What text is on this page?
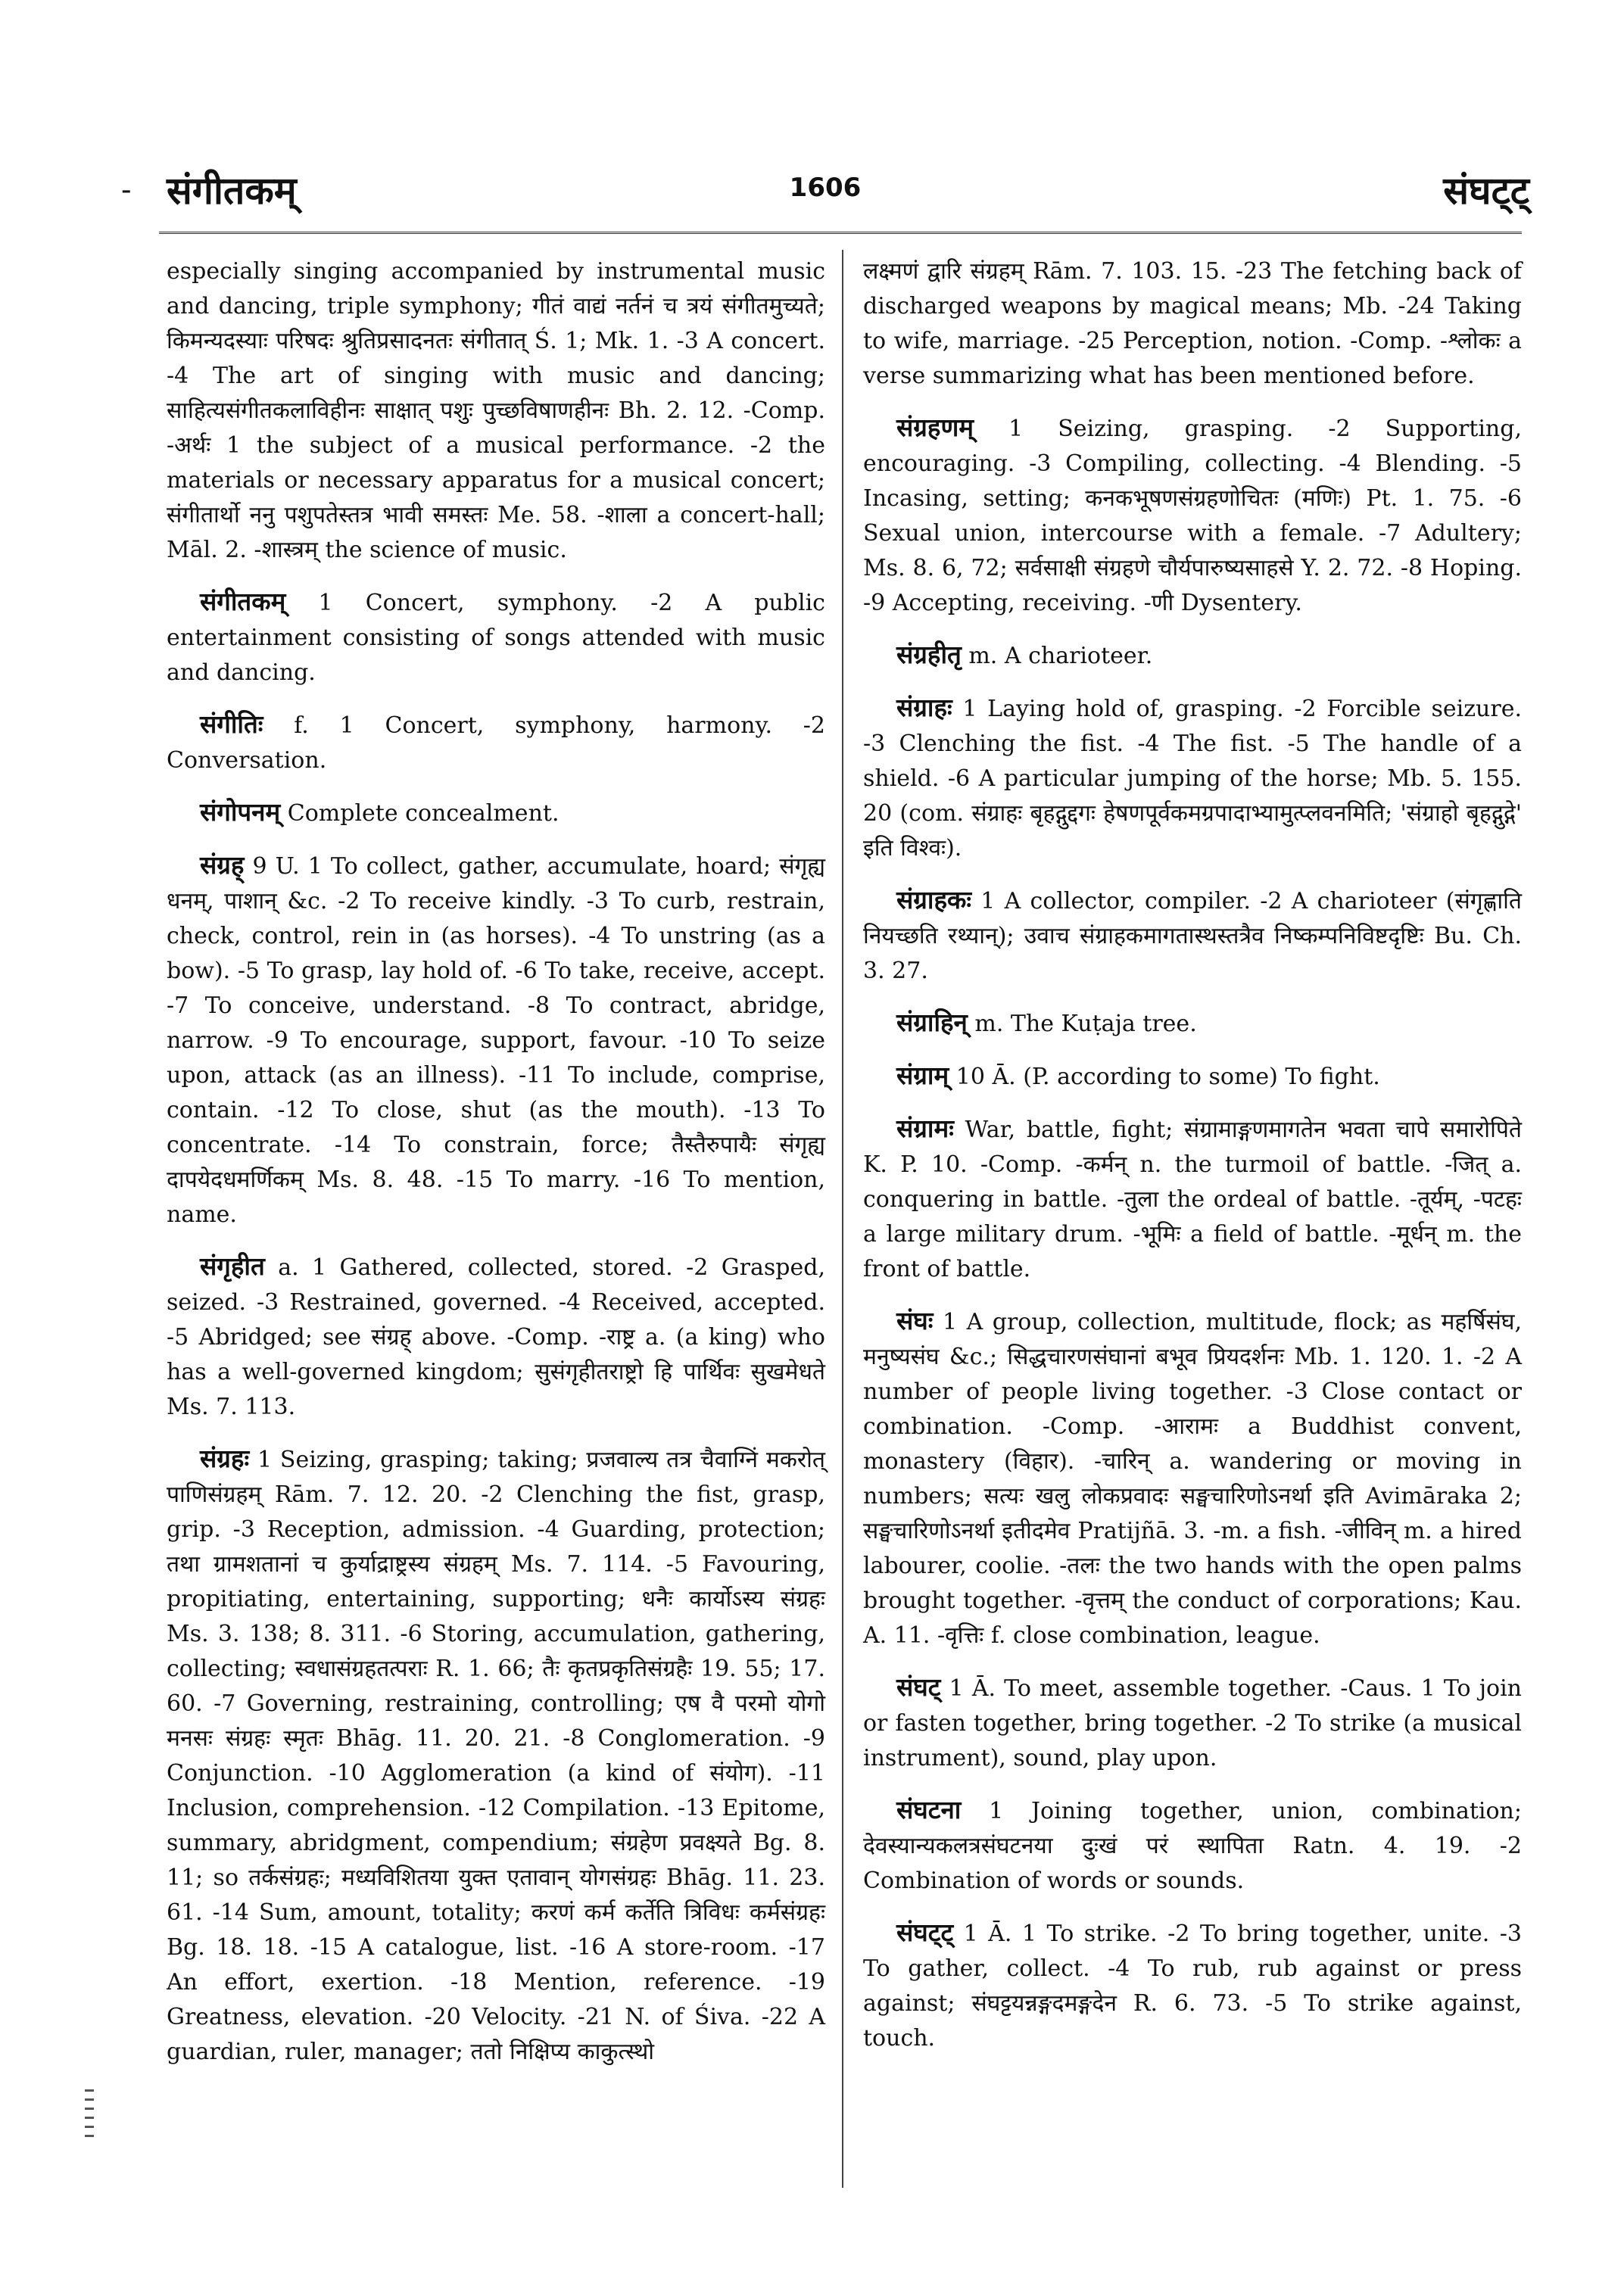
- संगीतकम्	1606	संघट्ट्

especially singing accompanied by instrumental music and dancing, triple symphony; गीतं वाद्यं नर्तनं च त्रयं संगीतमुच्यते; किमन्यदस्याः परिषदः श्रुतिप्रसादनतः संगीतात् Ś. 1; Mk. 1. -3 A concert. -4 The art of singing with music and dancing; साहित्यसंगीतकलाविहीनः साक्षात् पशुः पुच्छविषाणहीनः Bh. 2. 12. -Comp. -अर्थः 1 the subject of a musical performance. -2 the materials or necessary apparatus for a musical concert; संगीतार्थो ननु पशुपतेस्तत्र भावी समस्तः Me. 58. -शाला a concert-hall; Māl. 2. -शास्त्रम् the science of music.

संगीतकम् 1 Concert, symphony. -2 A public entertainment consisting of songs attended with music and dancing.

संगीतिः f. 1 Concert, symphony, harmony. -2 Conversation.

संगोपनम् Complete concealment.

संग्रह् 9 U. 1 To collect, gather, accumulate, hoard; संगृह्य धनम्, पाशान् &c. -2 To receive kindly. -3 To curb, restrain, check, control, rein in (as horses). -4 To unstring (as a bow). -5 To grasp, lay hold of. -6 To take, receive, accept. -7 To conceive, understand. -8 To contract, abridge, narrow. -9 To encourage, support, favour. -10 To seize upon, attack (as an illness). -11 To include, comprise, contain. -12 To close, shut (as the mouth). -13 To concentrate. -14 To constrain, force; तैस्तैरुपायैः संगृह्य दापयेदधमर्णिकम् Ms. 8. 48. -15 To marry. -16 To mention, name.

संगृहीत a. 1 Gathered, collected, stored. -2 Grasped, seized. -3 Restrained, governed. -4 Received, accepted. -5 Abridged; see संग्रह् above. -Comp. -राष्ट्र a. (a king) who has a well-governed kingdom; सुसंगृहीतराष्ट्रो हि पार्थिवः सुखमेधते Ms. 7. 113.

संग्रहः 1 Seizing, grasping; taking; प्रजवाल्य तत्र चैवाग्निं मकरोत् पाणिसंग्रहम् Rām. 7. 12. 20. -2 Clenching the fist, grasp, grip. -3 Reception, admission. -4 Guarding, protection; तथा ग्रामशतानां च कुर्याद्राष्ट्रस्य संग्रहम् Ms. 7. 114. -5 Favouring, propitiating, entertaining, supporting; धनैः कार्योऽस्य संग्रहः Ms. 3. 138; 8. 311. -6 Storing, accumulation, gathering, collecting; स्वधासंग्रहतत्पराः R. 1. 66; तैः कृतप्रकृतिसंग्रहैः 19. 55; 17. 60. -7 Governing, restraining, controlling; एष वै परमो योगो मनसः संग्रहः स्मृतः Bhāg. 11. 20. 21. -8 Conglomeration. -9 Conjunction. -10 Agglomeration (a kind of संयोग). -11 Inclusion, comprehension. -12 Compilation. -13 Epitome, summary, abridgment, compendium; संग्रहेण प्रवक्ष्यते Bg. 8. 11; so तर्कसंग्रहः; मध्यविशितया युक्त एतावान् योगसंग्रहः Bhāg. 11. 23. 61. -14 Sum, amount, totality; करणं कर्म कर्तेति त्रिविधः कर्मसंग्रहः Bg. 18. 18. -15 A catalogue, list. -16 A store-room. -17 An effort, exertion. -18 Mention, reference. -19 Greatness, elevation. -20 Velocity. -21 N. of Śiva. -22 A guardian, ruler, manager; ततो निक्षिप्य काकुत्स्थो

लक्ष्मणं द्वारि संग्रहम् Rām. 7. 103. 15. -23 The fetching back of discharged weapons by magical means; Mb. -24 Taking to wife, marriage. -25 Perception, notion. -Comp. -श्लोकः a verse summarizing what has been mentioned before.

संग्रहणम् 1 Seizing, grasping. -2 Supporting, encouraging. -3 Compiling, collecting. -4 Blending. -5 Incasing, setting; कनकभूषणसंग्रहणोचितः (मणिः) Pt. 1. 75. -6 Sexual union, intercourse with a female. -7 Adultery; Ms. 8. 6, 72; सर्वसाक्षी संग्रहणे चौर्यपारुष्यसाहसे Y. 2. 72. -8 Hoping. -9 Accepting, receiving. -णी Dysentery.

संग्रहीतृ m. A charioteer.

संग्राहः 1 Laying hold of, grasping. -2 Forcible seizure. -3 Clenching the fist. -4 The fist. -5 The handle of a shield. -6 A particular jumping of the horse; Mb. 5. 155. 20 (com. संग्राहः बृहद्गुद्दगः हेषणपूर्वकमग्रपादाभ्यामुत्प्लवनमिति; 'संग्राहो बृहद्गुद्गे' इति विश्वः).

संग्राहकः 1 A collector, compiler. -2 A charioteer (संगृह्णाति नियच्छति रथ्यान्); उवाच संग्राहकमागतास्थस्तत्रैव निष्कम्पनिविष्टदृष्टिः Bu. Ch. 3. 27.

संग्राहिन् m. The Kuṭaja tree.

संग्राम् 10 Ā. (P. according to some) To fight.

संग्रामः War, battle, fight; संग्रामाङ्गणमागतेन भवता चापे समारोपिते K. P. 10. -Comp. -कर्मन् n. the turmoil of battle. -जित् a. conquering in battle. -तुला the ordeal of battle. -तूर्यम्, -पटहः a large military drum. -भूमिः a field of battle. -मूर्धन् m. the front of battle.

संघः 1 A group, collection, multitude, flock; as महर्षिसंघ, मनुष्यसंघ &c.; सिद्धचारणसंघानां बभूव प्रियदर्शनः Mb. 1. 120. 1. -2 A number of people living together. -3 Close contact or combination. -Comp. -आरामः a Buddhist convent, monastery (विहार). -चारिन् a. wandering or moving in numbers; सत्यः खलु लोकप्रवादः सङ्घचारिणोऽनर्था इति Avimāraka 2; सङ्घचारिणोऽनर्था इतीदमेव Pratijñā. 3. -m. a fish. -जीविन् m. a hired labourer, coolie. -तलः the two hands with the open palms brought together. -वृत्तम् the conduct of corporations; Kau. A. 11. -वृत्तिः f. close combination, league.

संघट् 1 Ā. To meet, assemble together. -Caus. 1 To join or fasten together, bring together. -2 To strike (a musical instrument), sound, play upon.

संघटना 1 Joining together, union, combination; देवस्यान्यकलत्रसंघटनया दुःखं परं स्थापिता Ratn. 4. 19. -2 Combination of words or sounds.

संघट्ट् 1 Ā. 1 To strike. -2 To bring together, unite. -3 To gather, collect. -4 To rub, rub against or press against; संघट्टयन्नङ्गदमङ्गदेन R. 6. 73. -5 To strike against, touch.
